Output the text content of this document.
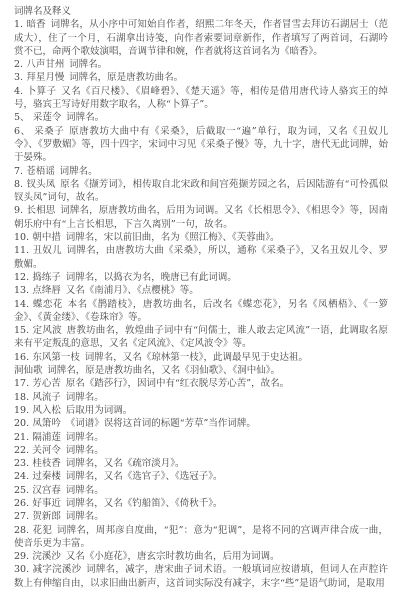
词牌名及释义

1. 暗香 词牌名，从小序中可知始自作者，绍熙二年冬天，作者冒雪去拜访石湖居士（范成大），住了一个月，石湖拿出诗笺，向作者索要词章新作，作者填写了两首词，石湖吟赏不已，命两个歌妓演唱，音调节律和婉，作者就将这首词名为《暗香》。

2. 八声甘州 词牌名。

3. 拜星月慢 词牌名，原是唐教坊曲名。

4. 卜算子 又名《百尺楼》、《眉峰碧》、《楚天遥》等，相传是借用唐代诗人骆宾王的绰号，骆宾王写诗好用数字取名，人称“卜算子”。

5、 采莲令 词牌名。

6、 采桑子 原唐教坊大曲中有《采桑》，后截取一“遍”单行，取为词，又名《丑奴儿令》、《罗敷媚》等，四十四字，宋词中习见《采桑子慢》等，九十字，唐代无此词牌，始于晏殊。

7. 苍梧谣 词牌名。

8. 钗头凤 原名《撷芳词》，相传取自北宋政和间宫苑撷芳园之名，后因陆游有“可怜孤似钗头凤”词句，故名。

9. 长相思 词牌名，原唐教坊曲名，后用为词调。又名《长相思令》、《相思令》等，因南朝乐府中有“上言长相思，下言久离别”一句，故名。

10. 朝中措 词牌名，宋以前旧曲，名为《照江梅》、《芙蓉曲》。

11. 丑奴儿 词牌名，由唐教坊大曲《采桑》，所以，通称《采桑子》，又名丑奴儿令、罗敷媚。

12. 捣练子 词牌名，以捣衣为名，晚唐已有此词调。

13. 点绛唇 又名《南浦月》、《点樱桃》等。

14. 蝶恋花 本名《鹊踏枝》，唐教坊曲名，后改名《蝶恋花》，另名《凤栖梧》、《一箩金》、《黄金缕》、《卷珠帘》等。

15. 定风波 唐教坊曲名，敦煌曲子词中有“问儒士，谁人敢去定风流”一语，此调取名原来有平定叛乱的意思，又名《定风流》、《定风波令》等。

16. 东风第一枝 词牌名，又名《琼林第一枝》，此调最早见于史达祖。

洞仙歌 词牌名，原是唐教坊曲名，又名《羽仙歌》、《洞中仙》。

17. 芳心苦 原名《踏莎行》，因词中有“红衣脱尽芳心苦”，故名。

18. 风流子 词牌名。

19. 风入松 后取用为词调。

20. 凤箫吟 《词谱》误将这首词的标题“芳草”当作词牌。

21. 隔浦莲 词牌名。

22. 关河令 词牌名。

23. 桂枝香 词牌名，又名《疏帘淡月》。

24. 过秦楼 词牌名，又名《选官子》、《选冠子》。

25. 汉宫春 词牌名。

26. 好事近 词牌名，又名《钓船笛》、《倚秋千》。

27. 贺新郎 词牌名。

28. 花犯 词牌名，周邦彦自度曲，“犯”：意为“犯调”，是将不同的宫调声律合成一曲，使音乐更为丰富。

29. 浣溪沙 又名《小庭花》，唐玄宗时教坊曲名，后用为词调。

30. 减字浣溪沙 词牌名，减字，唐宋曲子词术语。一般填词应按谱填，但词人在声腔许数上有伸缩自由，以求旧曲出新声，这首词实际没有减字，末字“些”是语气助词，是取用
